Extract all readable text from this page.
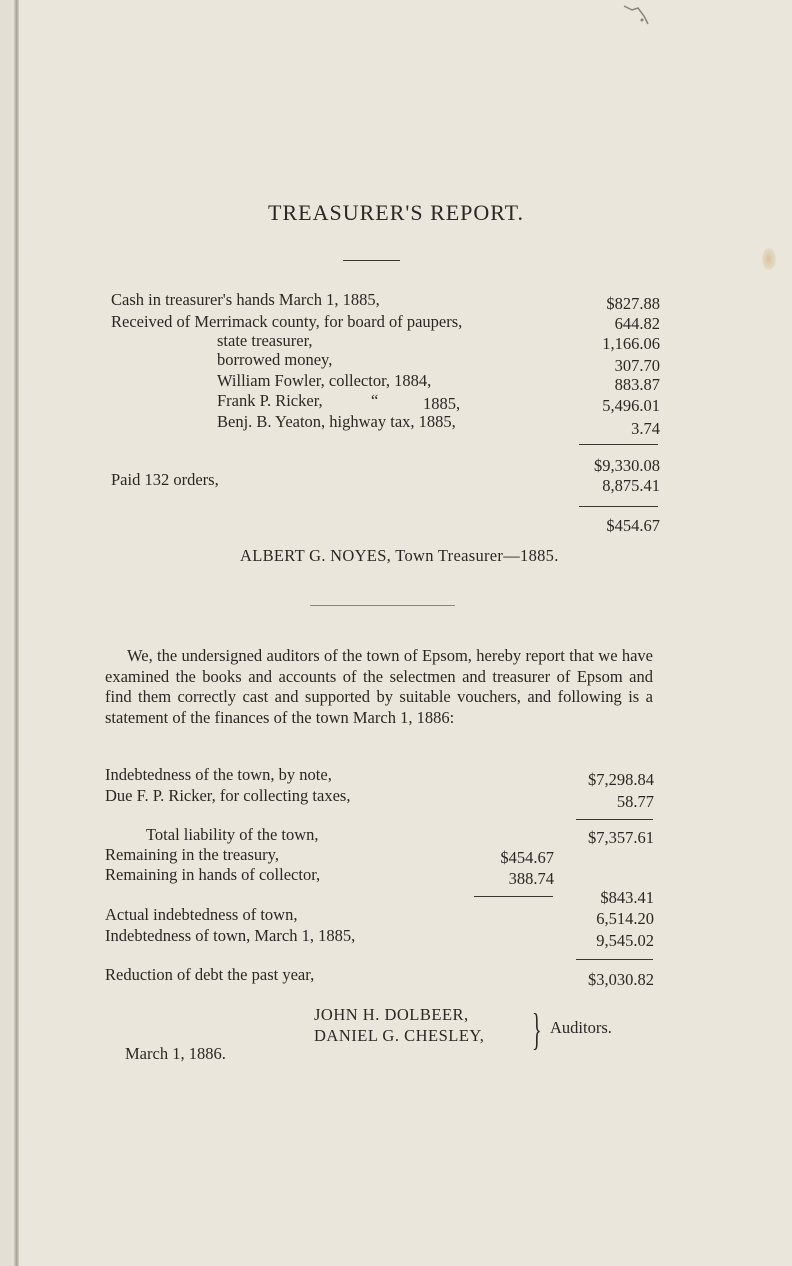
TREASURER'S REPORT.
Cash in treasurer's hands March 1, 1885,	$827.88
Received of Merrimack county, for board of paupers,	644.82
state treasurer,	1,166.06
borrowed money,	307.70
William Fowler, collector, 1884,	883.87
Frank P. Ricker,	“	1885,	5,496.01
Benj. B. Yeaton, highway tax, 1885,	3.74
$9,330.08
Paid 132 orders,	8,875.41
$454.67
ALBERT G. NOYES, Town Treasurer—1885.

We, the undersigned auditors of the town of Epsom, hereby report that we have examined the books and accounts of the selectmen and treasurer of Epsom and find them correctly cast and supported by suitable vouchers, and following is a statement of the finances of the town March 1, 1886:

Indebtedness of the town, by note,	$7,298.84
Due F. P. Ricker, for collecting taxes,	58.77
Total liability of the town,	$7,357.61
Remaining in the treasury,	$454.67
Remaining in hands of collector,	388.74
$843.41
Actual indebtedness of town,	6,514.20
Indebtedness of town, March 1, 1885,	9,545.02
Reduction of debt the past year,	$3,030.82
JOHN H. DOLBEER,
DANIEL G. CHESLEY, } Auditors.
March 1, 1886.
